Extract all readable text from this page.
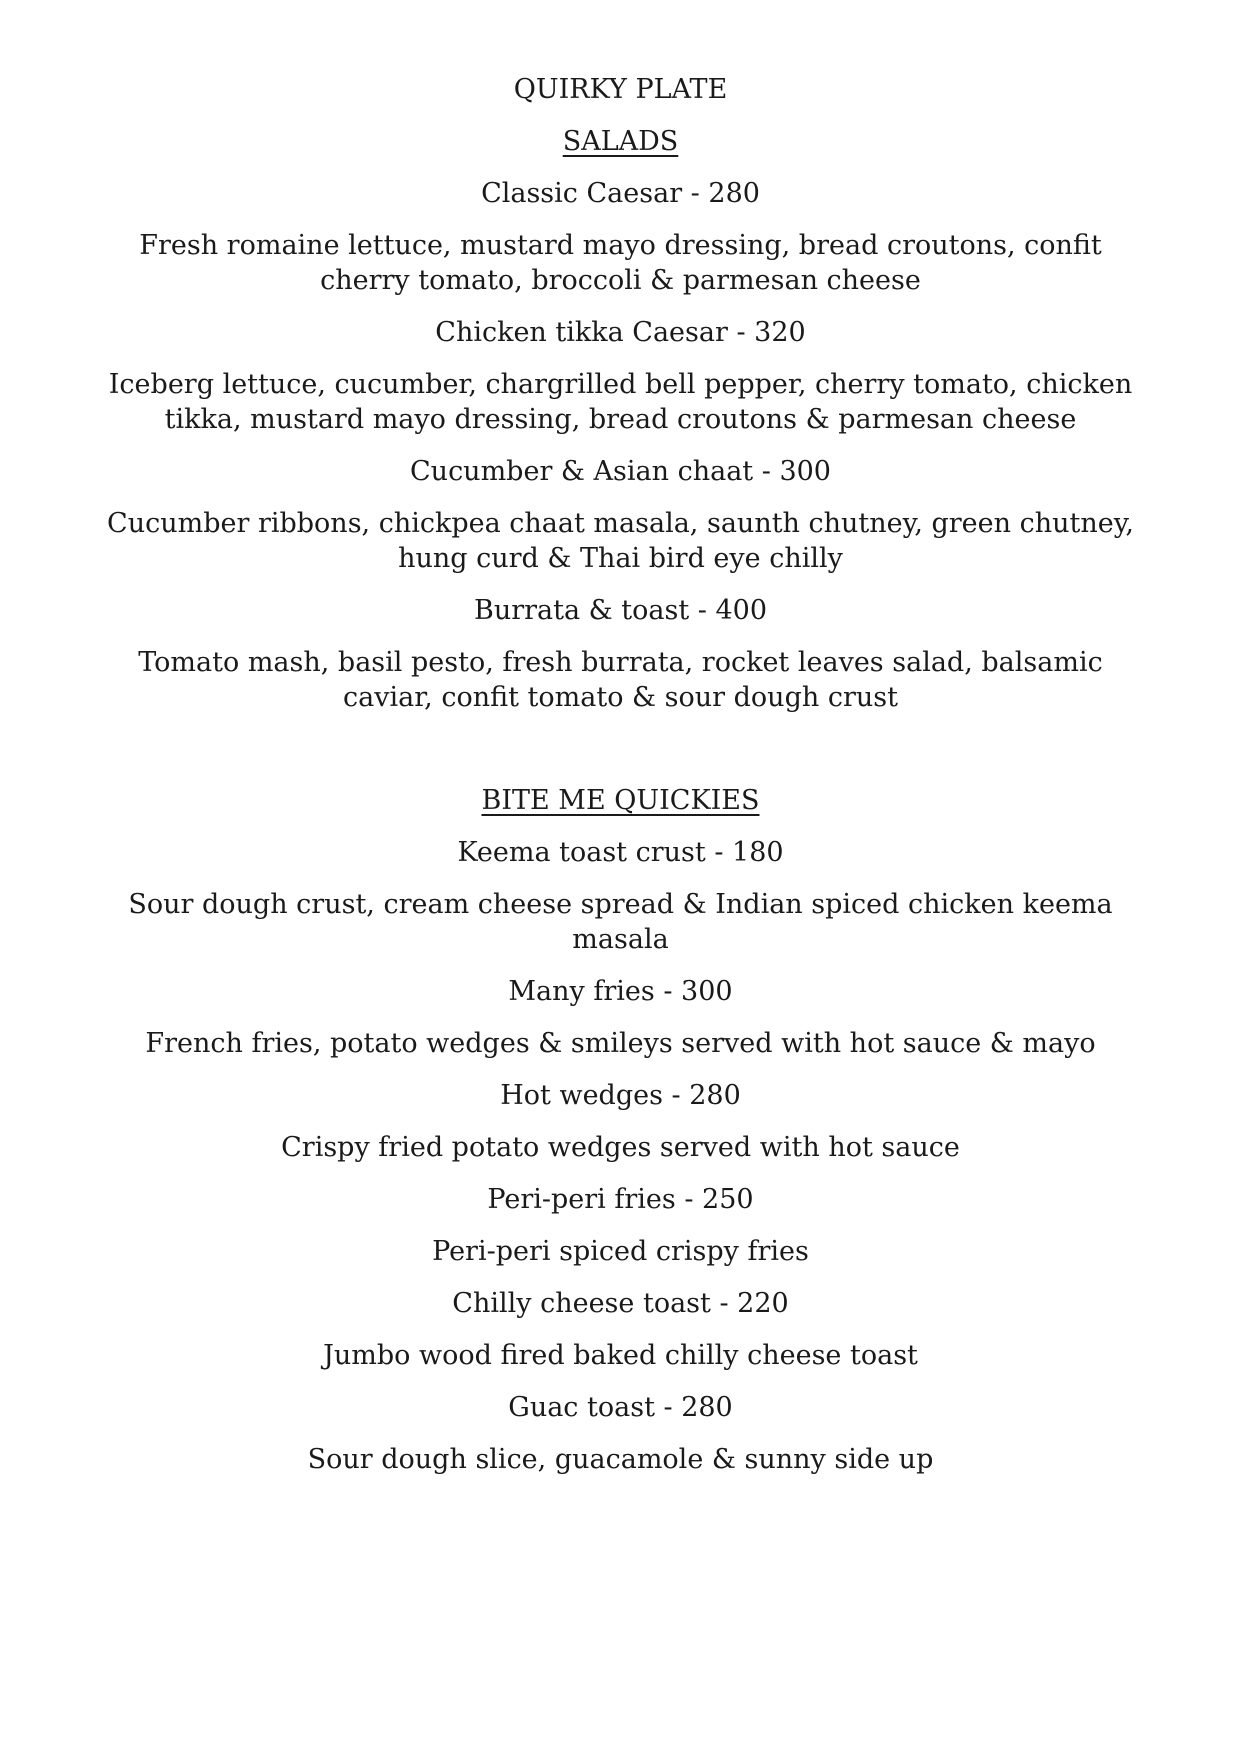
QUIRKY PLATE
SALADS
Classic Caesar - 280
Fresh romaine lettuce, mustard mayo dressing, bread croutons, confit
cherry tomato, broccoli & parmesan cheese
Chicken tikka Caesar - 320
Iceberg lettuce, cucumber, chargrilled bell pepper, cherry tomato, chicken
tikka, mustard mayo dressing, bread croutons & parmesan cheese
Cucumber & Asian chaat - 300
Cucumber ribbons, chickpea chaat masala, saunth chutney, green chutney,
hung curd & Thai bird eye chilly
Burrata & toast - 400
Tomato mash, basil pesto, fresh burrata, rocket leaves salad, balsamic
caviar, confit tomato & sour dough crust
BITE ME QUICKIES
Keema toast crust - 180
Sour dough crust, cream cheese spread & Indian spiced chicken keema
masala
Many fries - 300
French fries, potato wedges & smileys served with hot sauce & mayo
Hot wedges - 280
Crispy fried potato wedges served with hot sauce
Peri-peri fries - 250
Peri-peri spiced crispy fries
Chilly cheese toast - 220
Jumbo wood fired baked chilly cheese toast
Guac toast - 280
Sour dough slice, guacamole & sunny side up
